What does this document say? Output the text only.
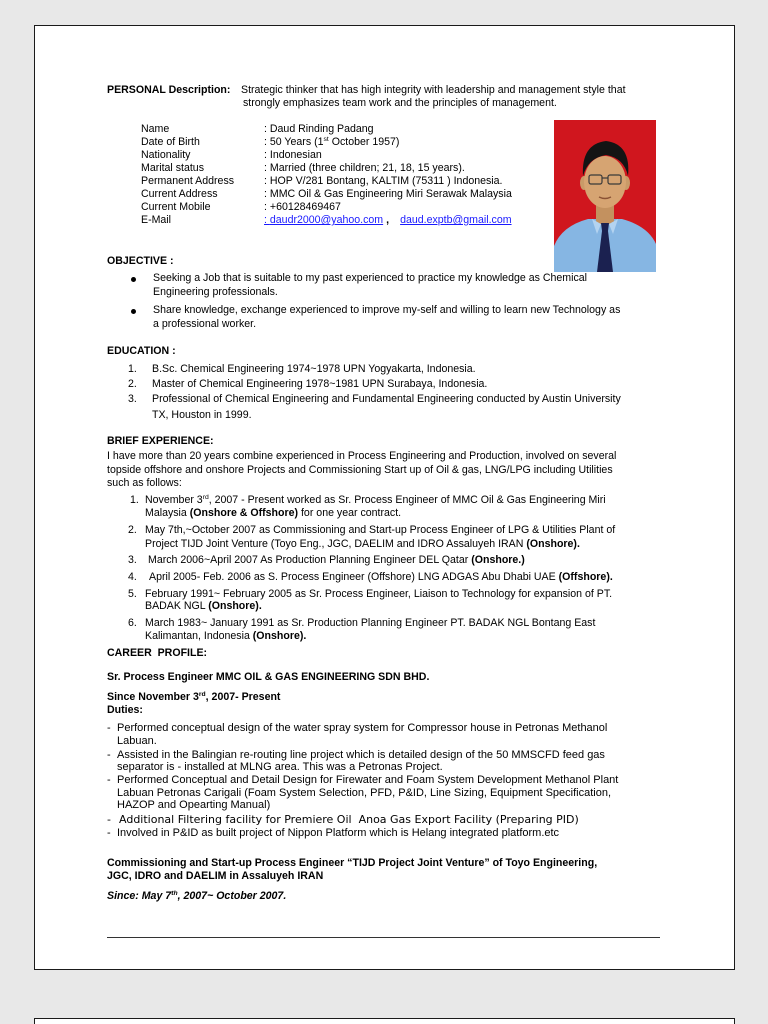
PERSONAL Description: Strategic thinker that has high integrity with leadership and management style that
strongly emphasizes team work and the principles of management.
Name	: Daud Rinding Padang
Date of Birth	: 50 Years (1st October 1957)
Nationality	: Indonesian
Marital status	: Married (three children; 21, 18, 15 years).
Permanent Address	: HOP V/281 Bontang, KALTIM (75311 ) Indonesia.
Current Address	: MMC Oil & Gas Engineering Miri Serawak Malaysia
Current Mobile	: +60128469467
E-Mail	: daudr2000@yahoo.com , daud.exptb@gmail.com
OBJECTIVE :
Seeking a Job that is suitable to my past experienced to practice my knowledge as Chemical
Engineering professionals.
Share knowledge, exchange experienced to improve my-self and willing to learn new Technology as
a professional worker.
EDUCATION :
1. B.Sc. Chemical Engineering 1974~1978 UPN Yogyakarta, Indonesia.
2. Master of Chemical Engineering 1978~1981 UPN Surabaya, Indonesia.
3. Professional of Chemical Engineering and Fundamental Engineering conducted by Austin University
TX, Houston in 1999.
BRIEF EXPERIENCE:
I have more than 20 years combine experienced in Process Engineering and Production, involved on several
topside offshore and onshore Projects and Commissioning Start up of Oil & gas, LNG/LPG including Utilities
such as follows:
1. November 3rd, 2007 - Present worked as Sr. Process Engineer of MMC Oil & Gas Engineering Miri
Malaysia (Onshore & Offshore) for one year contract.
2. May 7th,~October 2007 as Commissioning and Start-up Process Engineer of LPG & Utilities Plant of
Project TIJD Joint Venture (Toyo Eng., JGC, DAELIM and IDRO Assaluyeh IRAN (Onshore).
3. March 2006~April 2007 As Production Planning Engineer DEL Qatar (Onshore.)
4. April 2005- Feb. 2006 as S. Process Engineer (Offshore) LNG ADGAS Abu Dhabi UAE (Offshore).
5. February 1991~ February 2005 as Sr. Process Engineer, Liaison to Technology for expansion of PT.
BADAK NGL (Onshore).
6. March 1983~ January 1991 as Sr. Production Planning Engineer PT. BADAK NGL Bontang East
Kalimantan, Indonesia (Onshore).
CAREER  PROFILE:
Sr. Process Engineer MMC OIL & GAS ENGINEERING SDN BHD.
Since November 3rd, 2007- Present
Duties:
- Performed conceptual design of the water spray system for Compressor house in Petronas Methanol
Labuan.
- Assisted in the Balingian re-routing line project which is detailed design of the 50 MMSCFD feed gas
separator is - installed at MLNG area. This was a Petronas Project.
- Performed Conceptual and Detail Design for Firewater and Foam System Development Methanol Plant
Labuan Petronas Carigali (Foam System Selection, PFD, P&ID, Line Sizing, Equipment Specification,
HAZOP and Opearting Manual)
- Additional Filtering facility for Premiere Oil  Anoa Gas Export Facility (Preparing PID)
- Involved in P&ID as built project of Nippon Platform which is Helang integrated platform.etc
Commissioning and Start-up Process Engineer “TIJD Project Joint Venture” of Toyo Engineering,
JGC, IDRO and DAELIM in Assaluyeh IRAN
Since: May 7th, 2007~ October 2007.
